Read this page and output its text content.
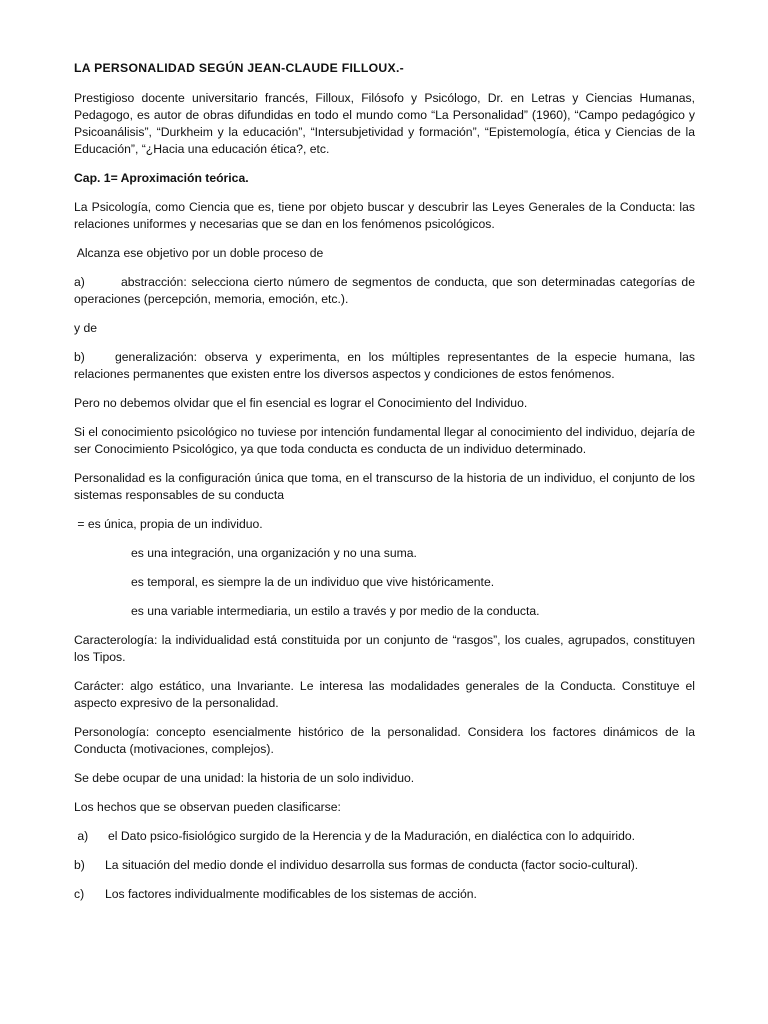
LA PERSONALIDAD SEGÚN JEAN-CLAUDE FILLOUX.-
Prestigioso docente universitario francés, Filloux, Filósofo y Psicólogo, Dr. en Letras y Ciencias Humanas, Pedagogo, es autor de obras difundidas en todo el mundo como “La Personalidad” (1960), “Campo pedagógico y Psicoanálisis”, “Durkheim y la educación”, “Intersubjetividad y formación”, “Epistemología, ética y Ciencias de la Educación”, “¿Hacia una educación ética?, etc.
Cap. 1= Aproximación teórica.
La Psicología, como Ciencia que es, tiene por objeto buscar y descubrir las Leyes Generales de la Conducta: las relaciones uniformes y necesarias que se dan en los fenómenos psicológicos.
Alcanza ese objetivo por un doble proceso de
a)	abstracción: selecciona cierto número de segmentos de conducta, que son determinadas categorías de operaciones (percepción, memoria, emoción, etc.).
y de
b) generalización: observa y experimenta, en los múltiples representantes de la especie humana, las relaciones permanentes que existen entre los diversos aspectos y condiciones de estos fenómenos.
Pero no debemos olvidar que el fin esencial es lograr el Conocimiento del Individuo.
Si el conocimiento psicológico no tuviese por intención fundamental llegar al conocimiento del individuo, dejaría de ser Conocimiento Psicológico, ya que toda conducta es conducta de un individuo determinado.
Personalidad es la configuración única que toma, en el transcurso de la historia de un individuo, el conjunto de los sistemas responsables de su conducta
= es única, propia de un individuo.
es una integración, una organización y no una suma.
es temporal, es siempre la de un individuo que vive históricamente.
es una variable intermediaria, un estilo a través y por medio de la conducta.
Caracterología: la individualidad está constituida por un conjunto de “rasgos”, los cuales, agrupados, constituyen los Tipos.
Carácter: algo estático, una Invariante. Le interesa las modalidades generales de la Conducta. Constituye el aspecto expresivo de la personalidad.
Personología: concepto esencialmente histórico de la personalidad. Considera los factores dinámicos de la Conducta (motivaciones, complejos).
Se debe ocupar de una unidad: la historia de un solo individuo.
Los hechos que se observan pueden clasificarse:
a) el Dato psico-fisiológico surgido de la Herencia y de la Maduración, en dialéctica con lo adquirido.
b) La situación del medio donde el individuo desarrolla sus formas de conducta (factor socio-cultural).
c) Los factores individualmente modificables de los sistemas de acción.
